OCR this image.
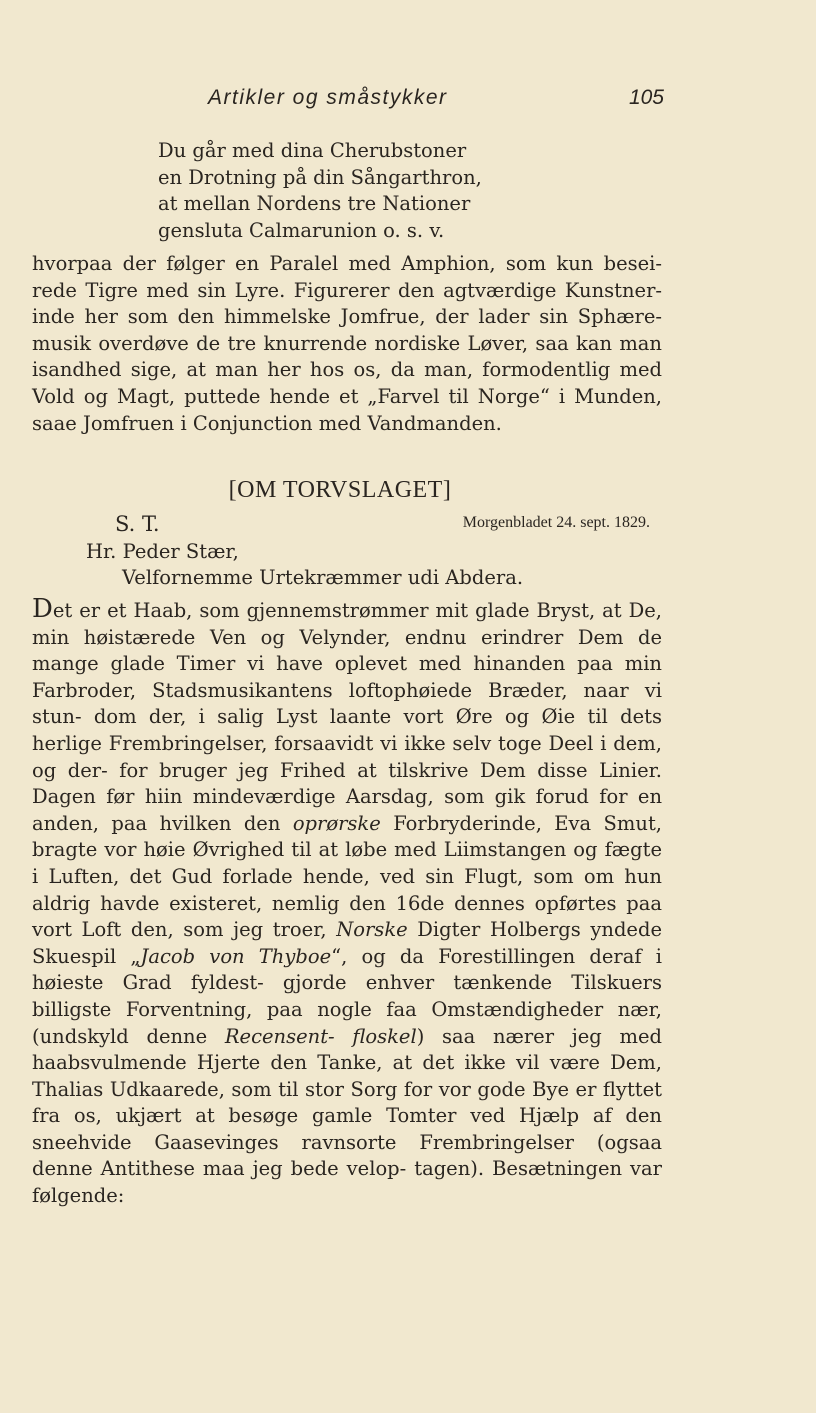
Artikler og småstykker	105
Du går med dina Cherubstoner
en Drotning på din Sångarthron,
at mellan Nordens tre Nationer
gensluta Calmarunion o. s. v.
hvorpaa der følger en Paralel med Amphion, som kun besei- rede Tigre med sin Lyre. Figurerer den agtværdige Kunstner- inde her som den himmelske Jomfrue, der lader sin Sphære- musik overdøve de tre knurrende nordiske Løver, saa kan man isandhed sige, at man her hos os, da man, formodentlig med Vold og Magt, puttede hende et „Farvel til Norge“ i Munden, saae Jomfruen i Conjunction med Vandmanden.
[OM TORVSLAGET]
S. T.	Morgenbladet 24. sept. 1829.
Hr. Peder Stær,
Velfornemme Urtekræmmer udi Abdera.
Det er et Haab, som gjennemstrømmer mit glade Bryst, at De, min høistærede Ven og Velynder, endnu erindrer Dem de mange glade Timer vi have oplevet med hinanden paa min Farbroder, Stadsmusikantens loftophøiede Bræder, naar vi stun- dom der, i salig Lyst laante vort Øre og Øie til dets herlige Frembringelser, forsaavidt vi ikke selv toge Deel i dem, og der- for bruger jeg Frihed at tilskrive Dem disse Linier. Dagen før hiin mindeværdige Aarsdag, som gik forud for en anden, paa hvilken den oprørske Forbryderinde, Eva Smut, bragte vor høie Øvrighed til at løbe med Liimstangen og fægte i Luften, det Gud forlade hende, ved sin Flugt, som om hun aldrig havde existeret, nemlig den 16de dennes opførtes paa vort Loft den, som jeg troer, Norske Digter Holbergs yndede Skuespil „Jacob von Thyboe“, og da Forestillingen deraf i høieste Grad fyldest- gjorde enhver tænkende Tilskuers billigste Forventning, paa nogle faa Omstændigheder nær, (undskyld denne Recensent- floskel) saa nærer jeg med haabsvulmende Hjerte den Tanke, at det ikke vil være Dem, Thalias Udkaarede, som til stor Sorg for vor gode Bye er flyttet fra os, ukjært at besøge gamle Tomter ved Hjælp af den sneehvide Gaasevinges ravnsorte Frembringelser (ogsaa denne Antithese maa jeg bede velop- tagen). Besætningen var følgende:
